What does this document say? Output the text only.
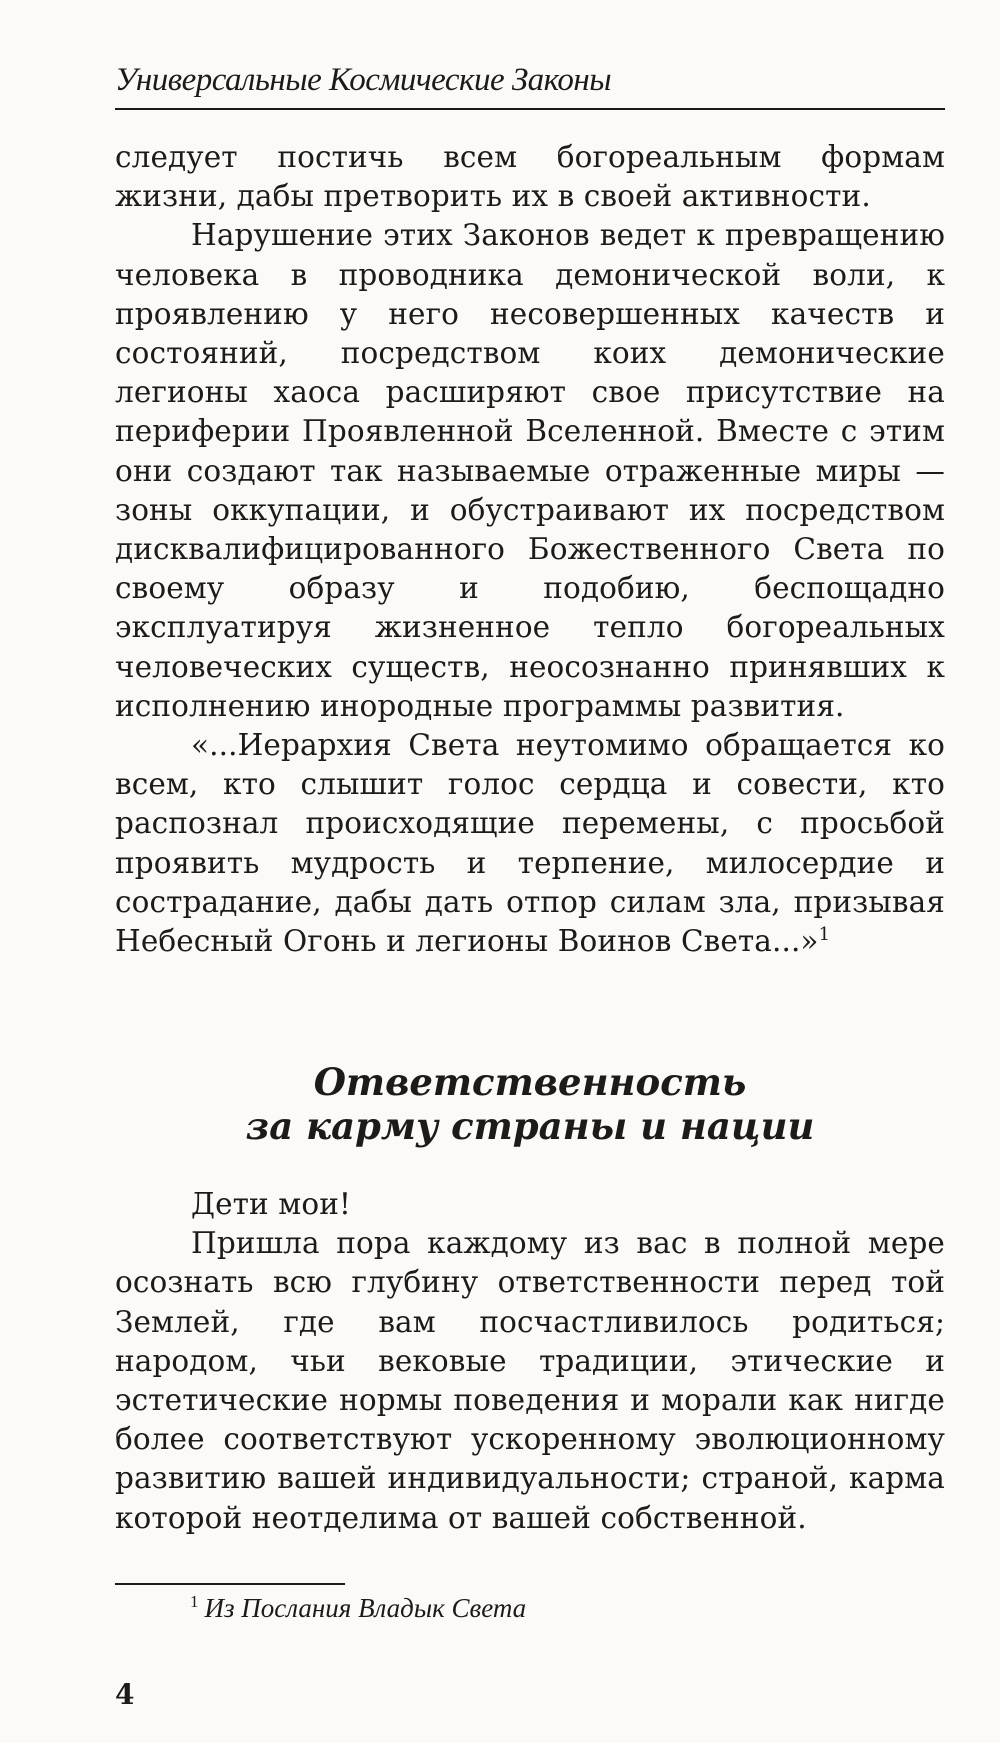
Универсальные Космические Законы

следует постичь всем богореальным формам жизни, дабы претворить их в своей активности.

Нарушение этих Законов ведет к превращению человека в проводника демонической воли, к проявлению у него несовершенных качеств и состояний, посредством коих демонические легионы хаоса расширяют свое присутствие на периферии Проявленной Вселенной. Вместе с этим они создают так называемые отраженные миры — зоны оккупации, и обустраивают их посредством дисквалифицированного Божественного Света по своему образу и подобию, беспощадно эксплуатируя жизненное тепло богореальных человеческих существ, неосознанно принявших к исполнению инородные программы развития.

«...Иерархия Света неутомимо обращается ко всем, кто слышит голос сердца и совести, кто распознал происходящие перемены, с просьбой проявить мудрость и терпение, милосердие и сострадание, дабы дать отпор силам зла, призывая Небесный Огонь и легионы Воинов Света...»$^1$

Ответственность
за карму страны и нации

Дети мои!

Пришла пора каждому из вас в полной мере осознать всю глубину ответственности перед той Землей, где вам посчастливилось родиться; народом, чьи вековые традиции, этические и эстетические нормы поведения и морали как нигде более соответствуют ускоренному эволюционному развитию вашей индивидуальности; страной, карма которой неотделима от вашей собственной.

$^1$ Из Послания Владык Света
4
